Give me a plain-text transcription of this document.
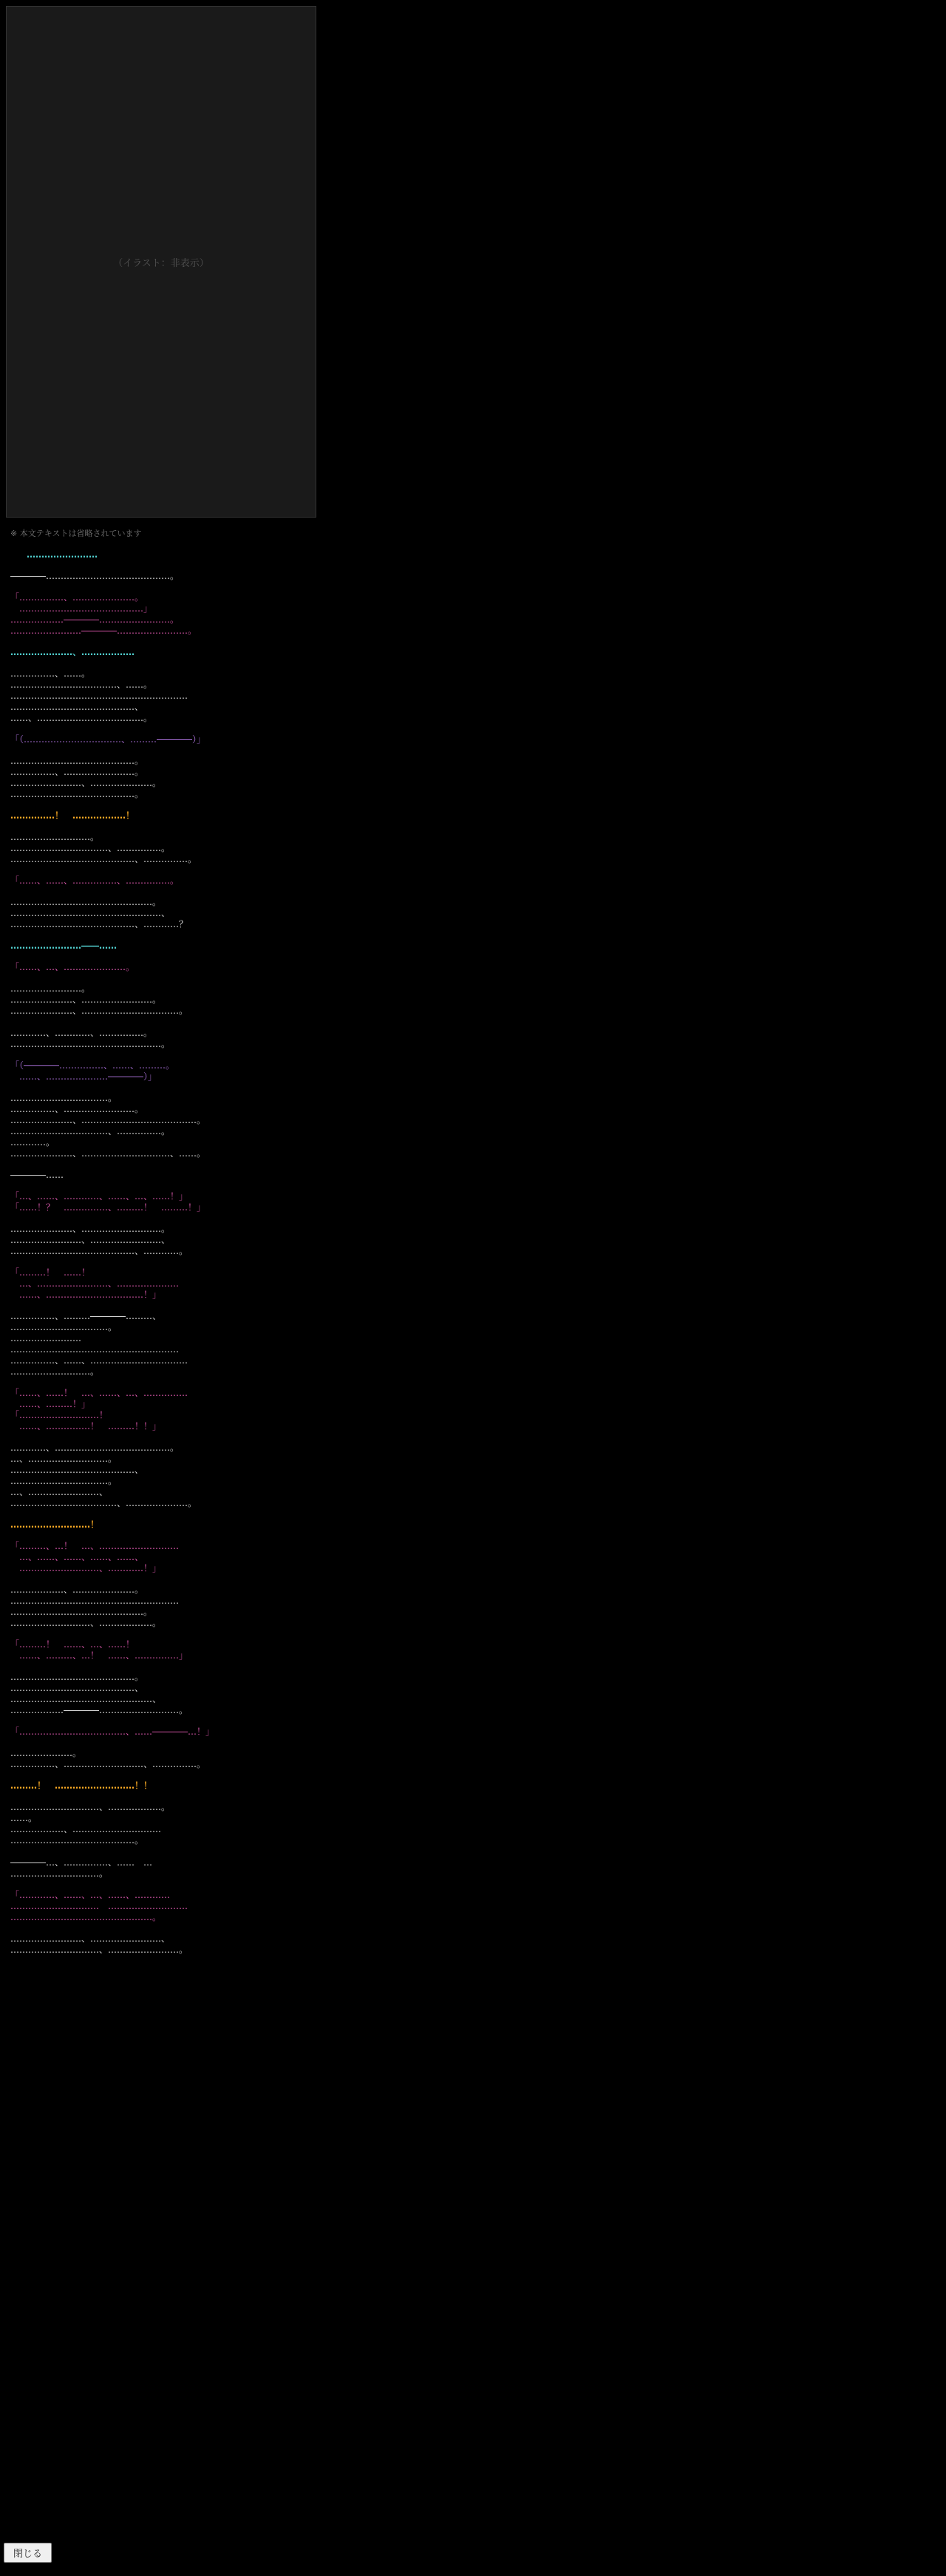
（イラスト：非表示）
※ 本文テキストは省略されています
……………………
――――……………………………………。
「……………、…………………。
　……………………………………」
………………――――……………………。
……………………――――……………………。
…………………、………………
……………、……。
………………………………、……。
……………………………………………………
……………………………………、
……、………………………………。
「（……………………………、………――――）」
……………………………………。
……………、……………………。
……………………、…………………。
……………………………………。
……………！　………………！
………………………。
……………………………、……………。
……………………………………、……………。
「……、……、……………、……………。
…………………………………………。
……………………………………………、
……………………………………、…………？
……………………――……
「……、…、…………………。
……………………。
…………………、……………………。
…………………、……………………………。
…………、…………、……………。
……………………………………………。
「（――――……………、……、………。
　……、…………………――――）」
……………………………。
……………、……………………。
…………………、…………………………………。
……………………………、……………。
…………。
…………………、…………………………、……。
――――……
「…、……、…………、……、…、……！」
「……！？　……………、………！　………！」
…………………、………………………。
……………………、……………………、
……………………………………、…………。
「………！　……！
　…、……………………、…………………
　……、……………………………！」
……………、………――――………、
……………………………。
……………………
…………………………………………………
……………、……、……………………………
………………………。
「……、……！　…、……、…、……………
　……、………！」
「………………………！
　……、……………！　………！！」
…………、…………………………………。
…、………………………。
……………………………………、
……………………………。
…、……………………、
………………………………、…………………。
………………………！
「………、…！　…、………………………
　…、……、……、……、……、
　………………………、…………！」
………………、…………………。
…………………………………………………
………………………………………。
………………………、………………。
「………！　……、…、……！
　……、………、…！　……、……………」
……………………………………。
……………………………………、
…………………………………………、
………………――――………………………。
「………………………………、……――――…！」
…………………。
……………、………………………、……………。
………！　………………………！！
…………………………、………………。
……。
………………、…………………………
……………………………………。
――――…、……………、……　…
…………………………。
「…………、……、…、……、…………
…………………………　………………………
…………………………………………。
……………………、……………………、
…………………………、……………………。
閉じる
